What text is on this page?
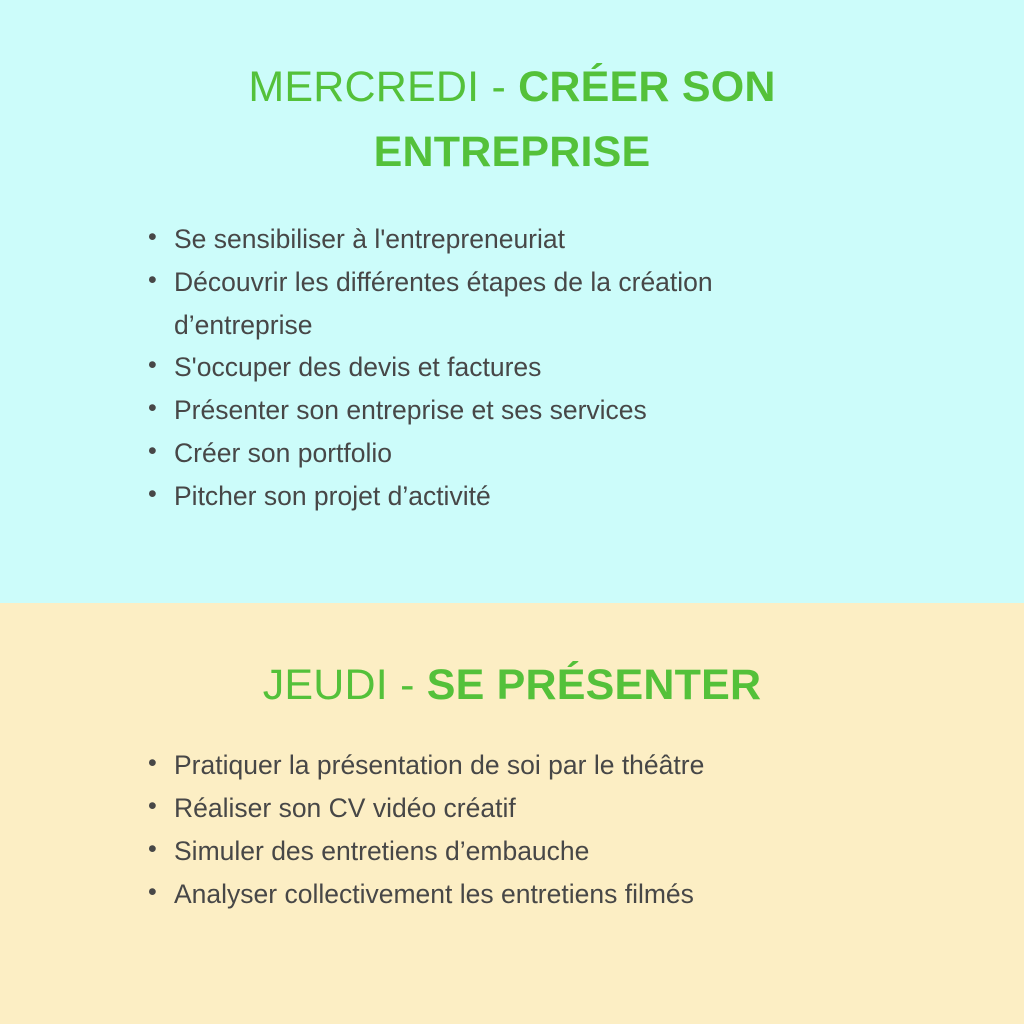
MERCREDI - CRÉER SON ENTREPRISE
• Se sensibiliser à l'entrepreneuriat
• Découvrir les différentes étapes de la création d’entreprise
• S'occuper des devis et factures
• Présenter son entreprise et ses services
• Créer son portfolio
• Pitcher son projet d’activité
JEUDI - SE PRÉSENTER
• Pratiquer la présentation de soi par le théâtre
• Réaliser son CV vidéo créatif
• Simuler des entretiens d’embauche
• Analyser collectivement les entretiens filmés
